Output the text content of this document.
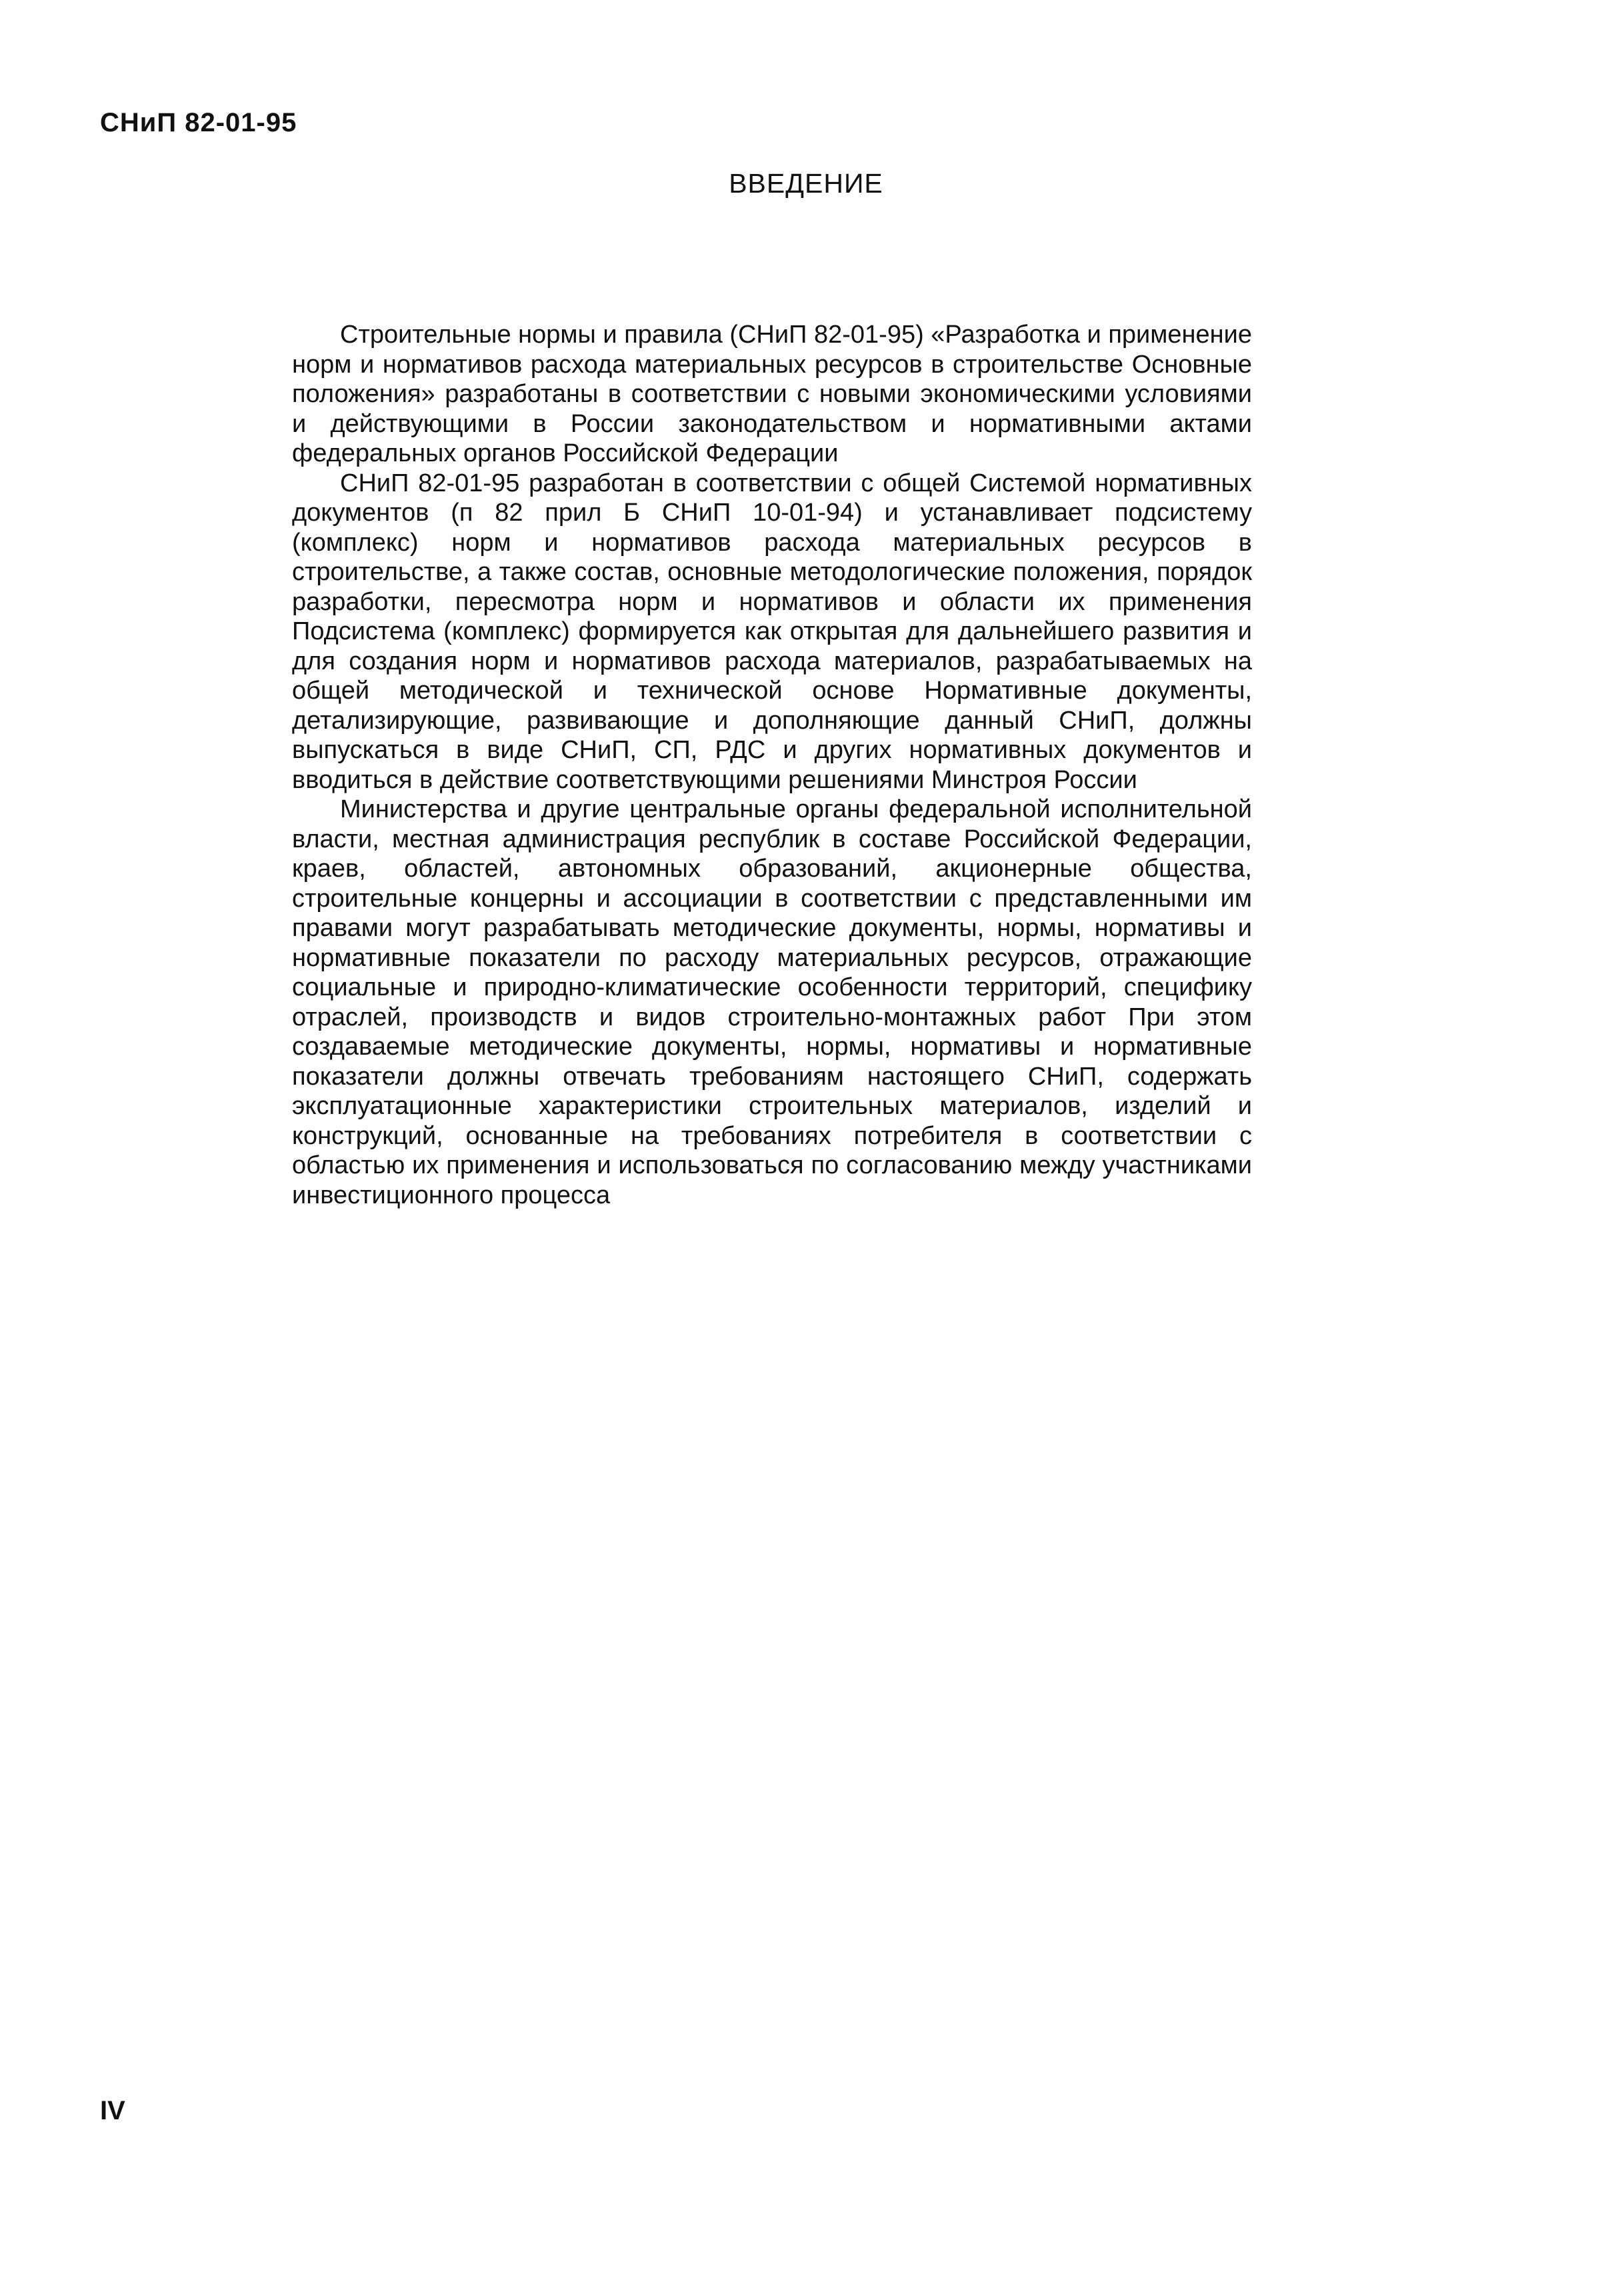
СНиП 82-01-95
ВВЕДЕНИЕ

Строительные нормы и правила (СНиП 82-01-95) «Разработка и применение норм и нормативов расхода материальных ресурсов в строительстве Основные положения» разработаны в соответствии с новыми экономическими условиями и действующими в России законодательством и нормативными актами федеральных органов Российской Федерации

СНиП 82-01-95 разработан в соответствии с общей Системой нормативных документов (п 82 прил Б СНиП 10-01-94) и устанавливает подсистему (комплекс) норм и нормативов расхода материальных ресурсов в строительстве, а также состав, основные методологические положения, порядок разработки, пересмотра норм и нормативов и области их применения Подсистема (комплекс) формируется как открытая для дальнейшего развития и для создания норм и нормативов расхода материалов, разрабатываемых на общей методической и технической основе Нормативные документы, детализирующие, развивающие и дополняющие данный СНиП, должны выпускаться в виде СНиП, СП, РДС и других нормативных документов и вводиться в действие соответствующими решениями Минстроя России

Министерства и другие центральные органы федеральной исполнительной власти, местная администрация республик в составе Российской Федерации, краев, областей, автономных образований, акционерные общества, строительные концерны и ассоциации в соответствии с представленными им правами могут разрабатывать методические документы, нормы, нормативы и нормативные показатели по расходу материальных ресурсов, отражающие социальные и природно-климатические особенности территорий, специфику отраслей, производств и видов строительно-монтажных работ При этом создаваемые методические документы, нормы, нормативы и нормативные показатели должны отвечать требованиям настоящего СНиП, содержать эксплуатационные характеристики строительных материалов, изделий и конструкций, основанные на требованиях потребителя в соответствии с областью их применения и использоваться по согласованию между участниками инвестиционного процесса

IV
